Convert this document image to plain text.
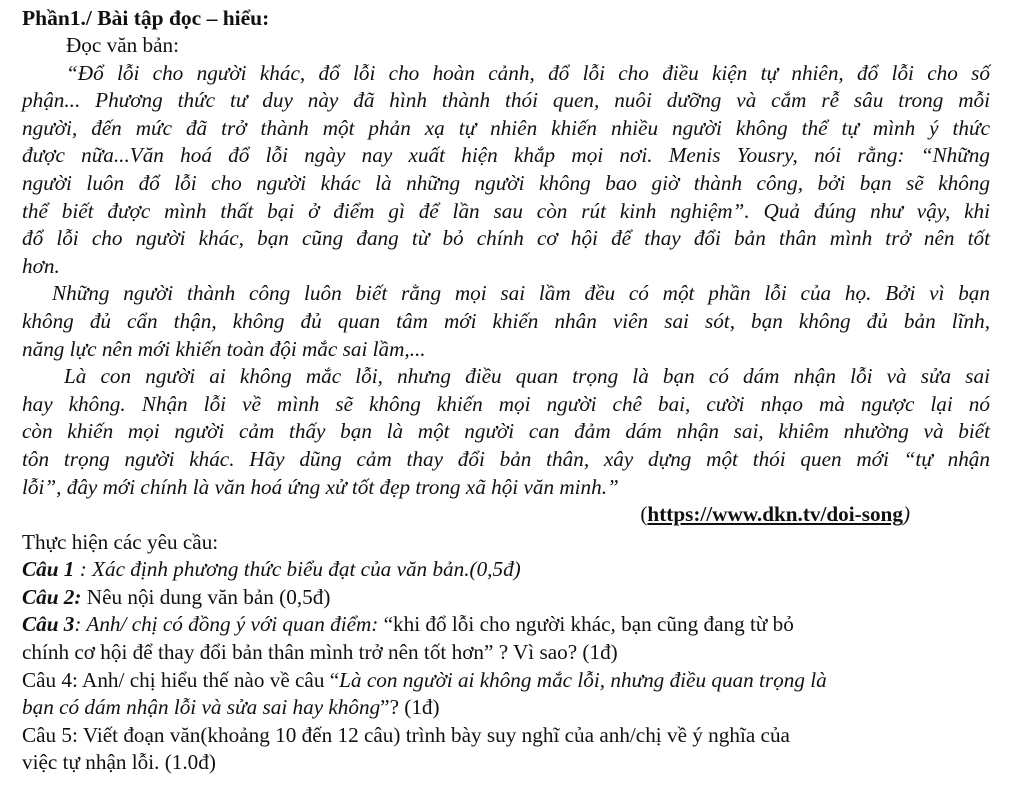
Phần1./ Bài tập đọc – hiểu:
Đọc văn bản:
“Đổ lỗi cho người khác, đổ lỗi cho hoàn cảnh, đổ lỗi cho điều kiện tự nhiên, đổ lỗi cho số
phận... Phương thức tư duy này đã hình thành thói quen, nuôi dưỡng và cắm rễ sâu trong mỗi
người, đến mức đã trở thành một phản xạ tự nhiên khiến nhiều người không thể tự mình ý thức
được nữa...Văn hoá đổ lỗi ngày nay xuất hiện khắp mọi nơi. Menis Yousry, nói rằng: “Những
người luôn đổ lỗi cho người khác là những người không bao giờ thành công, bởi bạn sẽ không
thể biết được mình thất bại ở điểm gì để lần sau còn rút kinh nghiệm”. Quả đúng như vậy, khi
đổ lỗi cho người khác, bạn cũng đang từ bỏ chính cơ hội để thay đổi bản thân mình trở nên tốt
hơn.
Những người thành công luôn biết rằng mọi sai lầm đều có một phần lỗi của họ. Bởi vì bạn
không đủ cẩn thận, không đủ quan tâm mới khiến nhân viên sai sót, bạn không đủ bản lĩnh,
năng lực nên mới khiến toàn đội mắc sai lầm,...
Là con người ai không mắc lỗi, nhưng điều quan trọng là bạn có dám nhận lỗi và sửa sai
hay không. Nhận lỗi về mình sẽ không khiến mọi người chê bai, cười nhạo mà ngược lại nó
còn khiến mọi người cảm thấy bạn là một người can đảm dám nhận sai, khiêm nhường và biết
tôn trọng người khác. Hãy dũng cảm thay đổi bản thân, xây dựng một thói quen mới “tự nhận
lỗi”, đây mới chính là văn hoá ứng xử tốt đẹp trong xã hội văn minh.”
(https://www.dkn.tv/doi-song)
Thực hiện các yêu cầu:
Câu 1 : Xác định phương thức biểu đạt của văn bản.(0,5đ)
Câu 2: Nêu nội dung văn bản (0,5đ)
Câu 3: Anh/ chị có đồng ý với quan điểm: “khi đổ lỗi cho người khác, bạn cũng đang từ bỏ
chính cơ hội để thay đổi bản thân mình trở nên tốt hơn” ? Vì sao? (1đ)
Câu 4: Anh/ chị hiểu thế nào về câu “Là con người ai không mắc lỗi, nhưng điều quan trọng là
bạn có dám nhận lỗi và sửa sai hay không”? (1đ)
Câu 5: Viết đoạn văn(khoảng 10 đến 12 câu) trình bày suy nghĩ của anh/chị về ý nghĩa của
việc tự nhận lỗi. (1.0đ)
